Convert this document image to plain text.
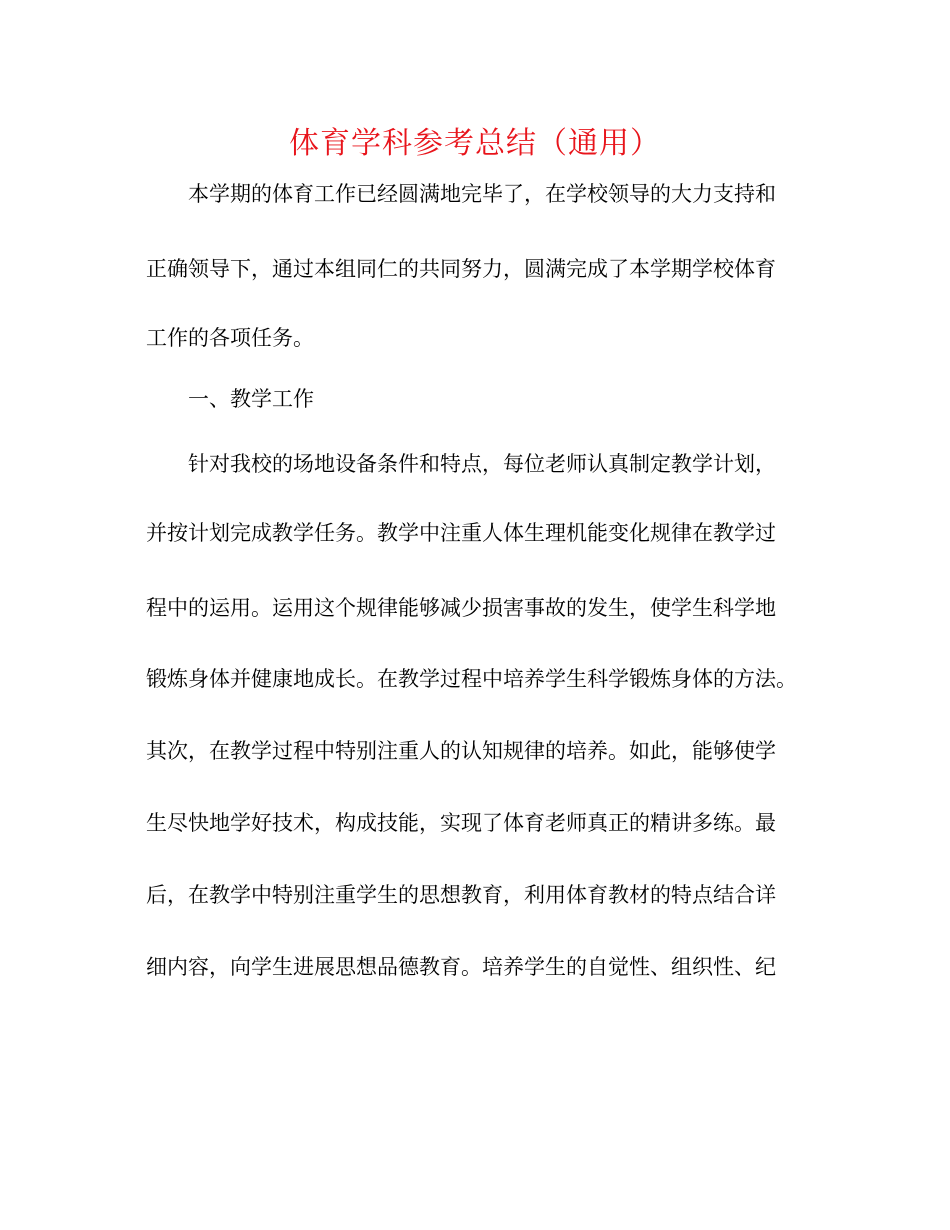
体育学科参考总结（通用）
本学期的体育工作已经圆满地完毕了，在学校领导的大力支持和
正确领导下，通过本组同仁的共同努力，圆满完成了本学期学校体育
工作的各项任务。
一、教学工作
针对我校的场地设备条件和特点，每位老师认真制定教学计划，
并按计划完成教学任务。教学中注重人体生理机能变化规律在教学过
程中的运用。运用这个规律能够减少损害事故的发生，使学生科学地
锻炼身体并健康地成长。在教学过程中培养学生科学锻炼身体的方法。
其次，在教学过程中特别注重人的认知规律的培养。如此，能够使学
生尽快地学好技术，构成技能，实现了体育老师真正的精讲多练。最
后，在教学中特别注重学生的思想教育，利用体育教材的特点结合详
细内容，向学生进展思想品德教育。培养学生的自觉性、组织性、纪
